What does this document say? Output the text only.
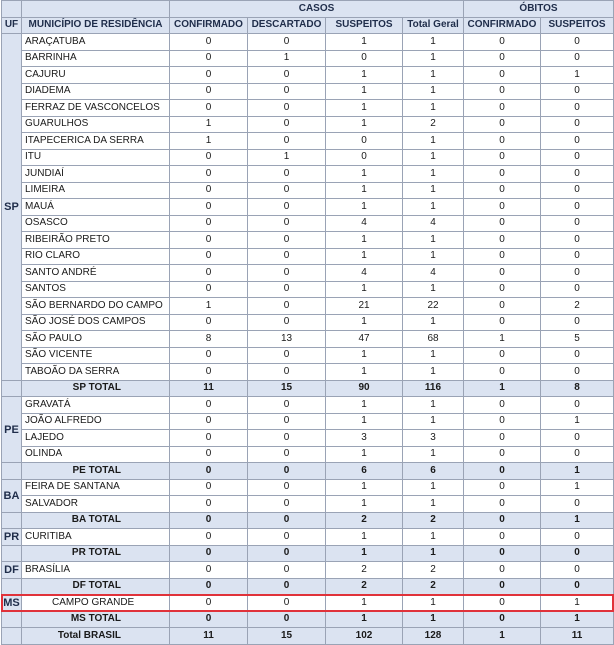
		CASOS				ÓBITOS	
UF	MUNICÍPIO DE RESIDÊNCIA	CONFIRMADO	DESCARTADO	SUSPEITOS	Total Geral	CONFIRMADO	SUSPEITOS
SP	ARAÇATUBA	0	0	1	1	0	0
	BARRINHA	0	1	0	1	0	0
	CAJURU	0	0	1	1	0	1
	DIADEMA	0	0	1	1	0	0
	FERRAZ DE VASCONCELOS	0	0	1	1	0	0
	GUARULHOS	1	0	1	2	0	0
	ITAPECERICA DA SERRA	1	0	0	1	0	0
	ITU	0	1	0	1	0	0
	JUNDIAÍ	0	0	1	1	0	0
	LIMEIRA	0	0	1	1	0	0
	MAUÁ	0	0	1	1	0	0
	OSASCO	0	0	4	4	0	0
	RIBEIRÃO PRETO	0	0	1	1	0	0
	RIO CLARO	0	0	1	1	0	0
	SANTO ANDRÉ	0	0	4	4	0	0
	SANTOS	0	0	1	1	0	0
	SÃO BERNARDO DO CAMPO	1	0	21	22	0	2
	SÃO JOSÉ DOS CAMPOS	0	0	1	1	0	0
	SÃO PAULO	8	13	47	68	1	5
	SÃO VICENTE	0	0	1	1	0	0
	TABOÃO DA SERRA	0	0	1	1	0	0
	SP TOTAL	11	15	90	116	1	8
PE	GRAVATÁ	0	0	1	1	0	0
	JOÃO ALFREDO	0	0	1	1	0	1
	LAJEDO	0	0	3	3	0	0
	OLINDA	0	0	1	1	0	0
	PE TOTAL	0	0	6	6	0	1
BA	FEIRA DE SANTANA	0	0	1	1	0	1
	SALVADOR	0	0	1	1	0	0
	BA TOTAL	0	0	2	2	0	1
PR	CURITIBA	0	0	1	1	0	0
	PR TOTAL	0	0	1	1	0	0
DF	BRASÍLIA	0	0	2	2	0	0
	DF TOTAL	0	0	2	2	0	0
MS	CAMPO GRANDE	0	0	1	1	0	1
	MS TOTAL	0	0	1	1	0	1
	Total BRASIL	11	15	102	128	1	11
